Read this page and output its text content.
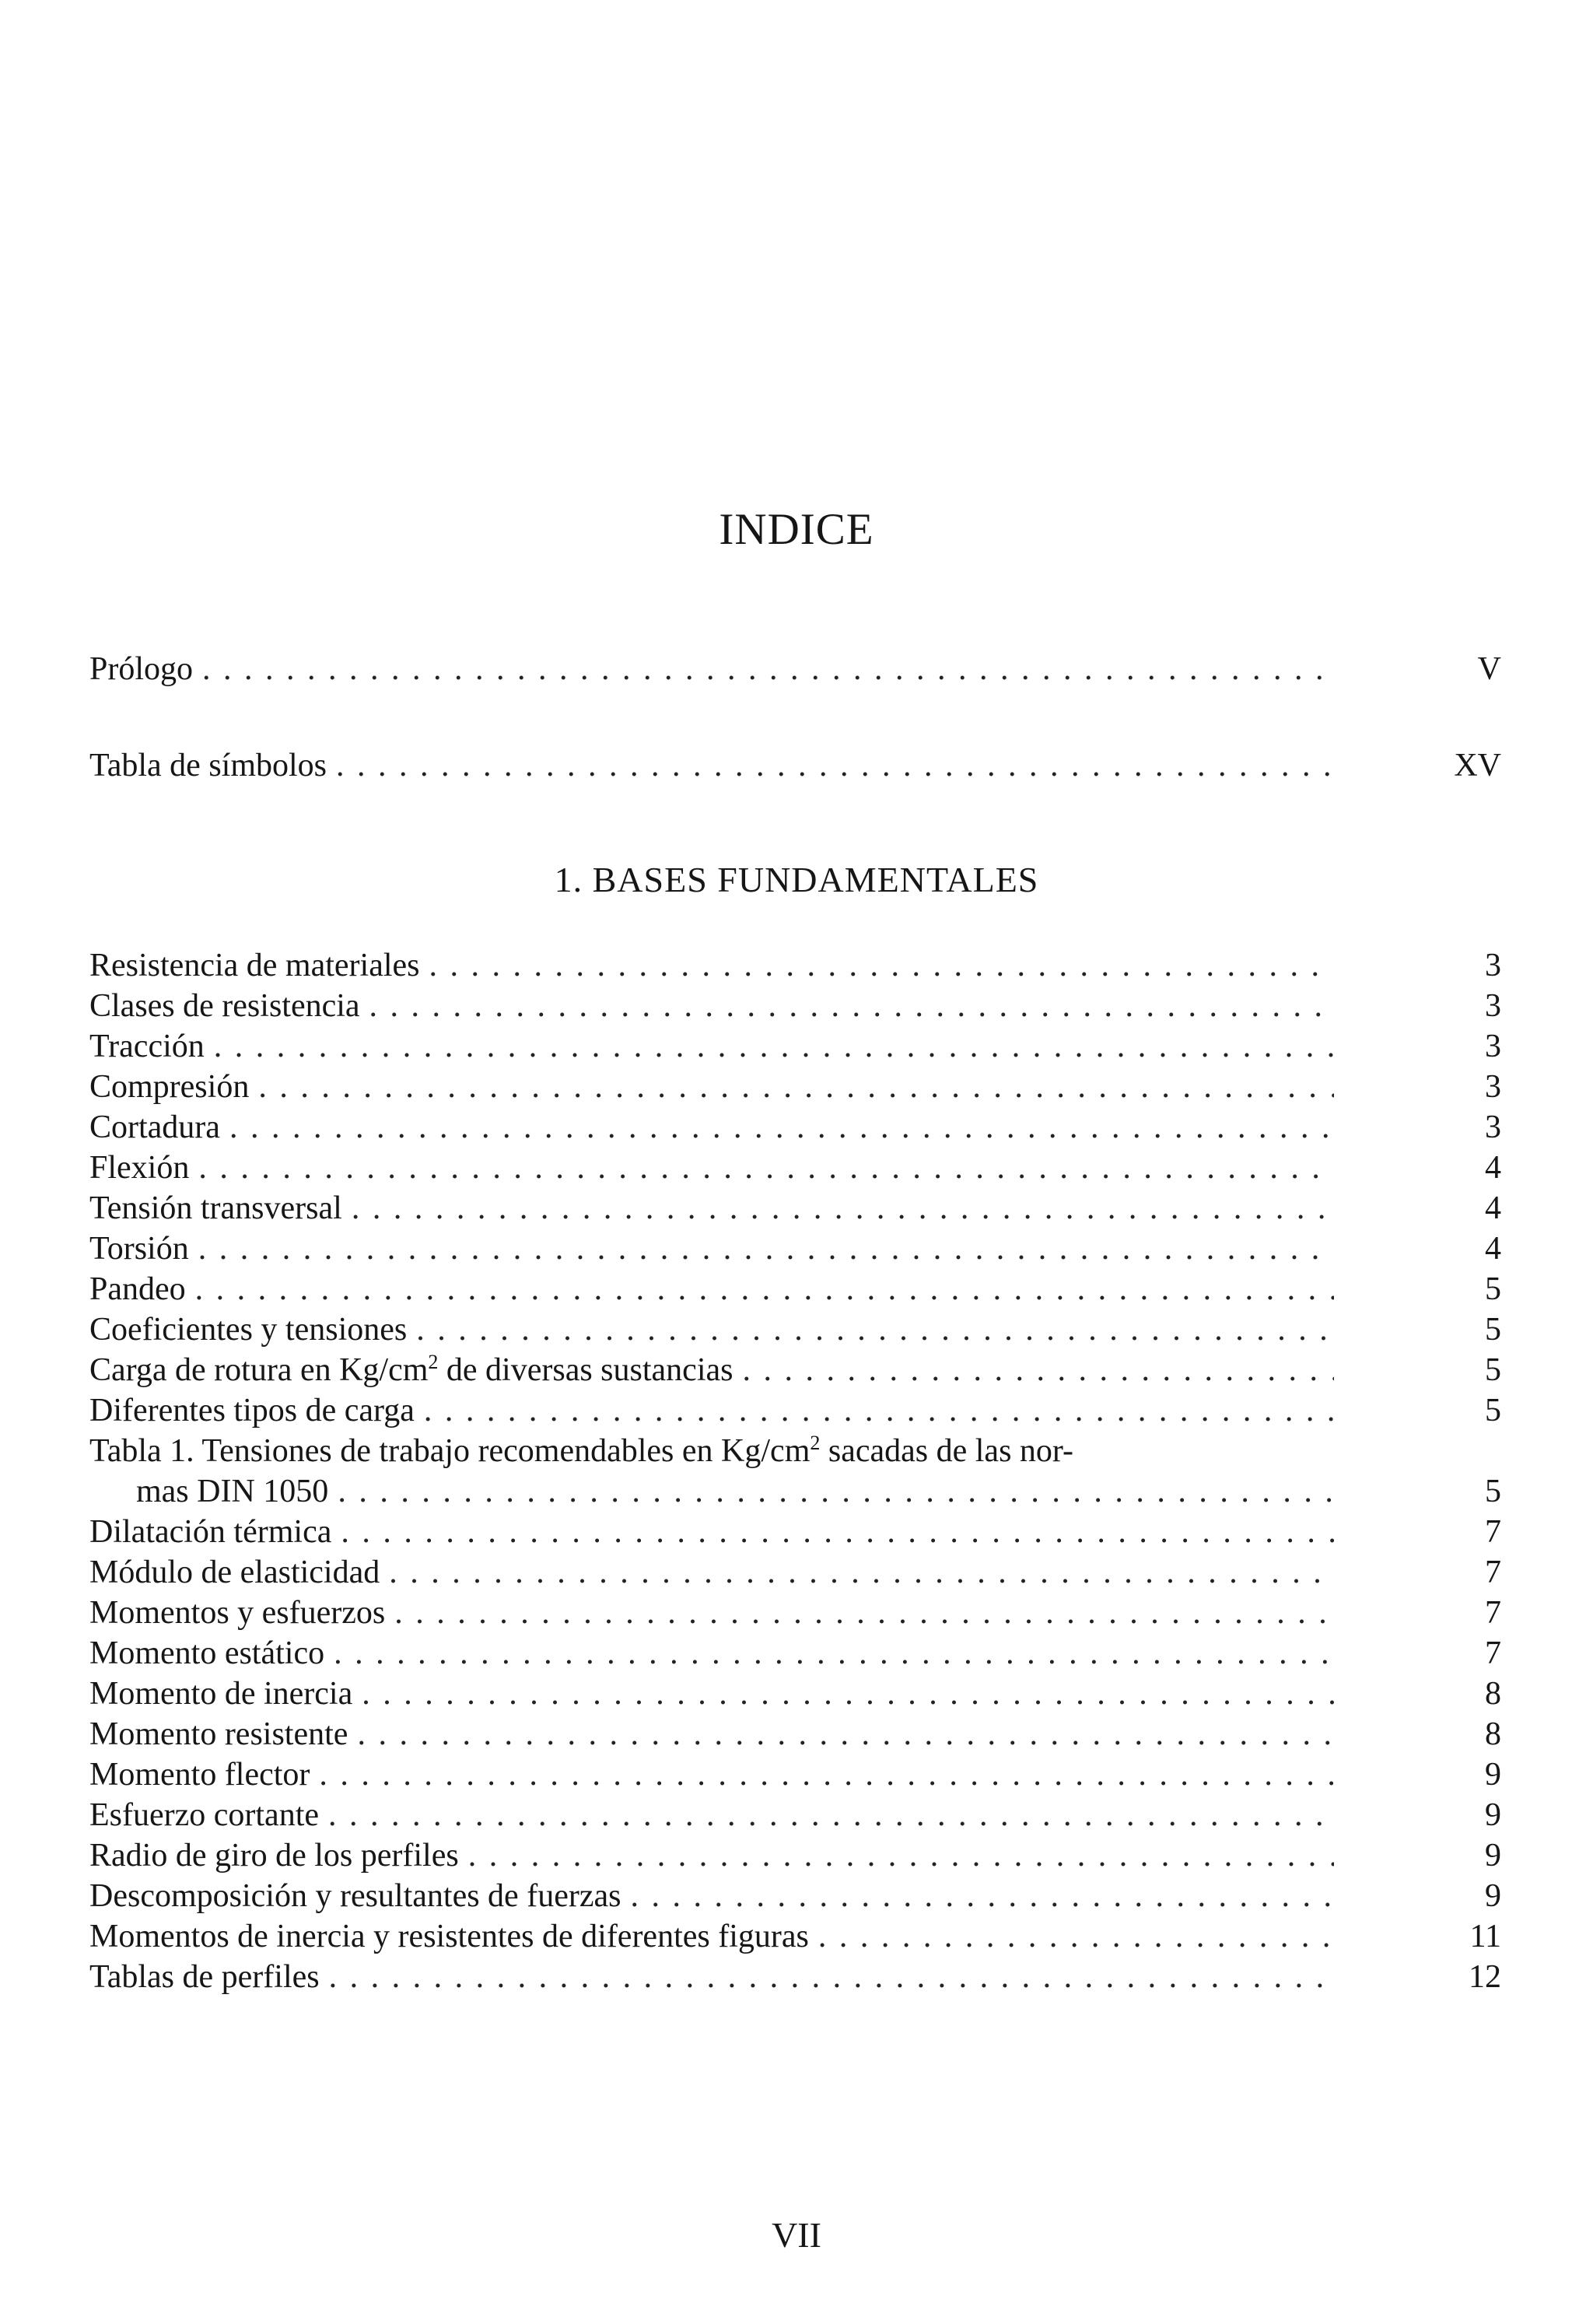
INDICE
Prólogo . . .	V
Tabla de símbolos . . .	XV
1. BASES FUNDAMENTALES
Resistencia de materiales . . .	3
Clases de resistencia . . .	3
Tracción . . .	3
Compresión . . .	3
Cortadura . . .	3
Flexión . . .	4
Tensión transversal . . .	4
Torsión . . .	4
Pandeo . . .	5
Coeficientes y tensiones . . .	5
Carga de rotura en $Kg/cm^2$ de diversas sustancias . . .	5
Diferentes tipos de carga . . .	5
Tabla 1. Tensiones de trabajo recomendables en $Kg/cm^2$ sacadas de las nor-
mas DIN 1050 . . .	5
Dilatación térmica . . .	7
Módulo de elasticidad . . .	7
Momentos y esfuerzos . . .	7
Momento estático . . .	7
Momento de inercia . . .	8
Momento resistente . . .	8
Momento flector . . .	9
Esfuerzo cortante . . .	9
Radio de giro de los perfiles . . .	9
Descomposición y resultantes de fuerzas . . .	9
Momentos de inercia y resistentes de diferentes figuras . . .	11
Tablas de perfiles . . .	12
VII
